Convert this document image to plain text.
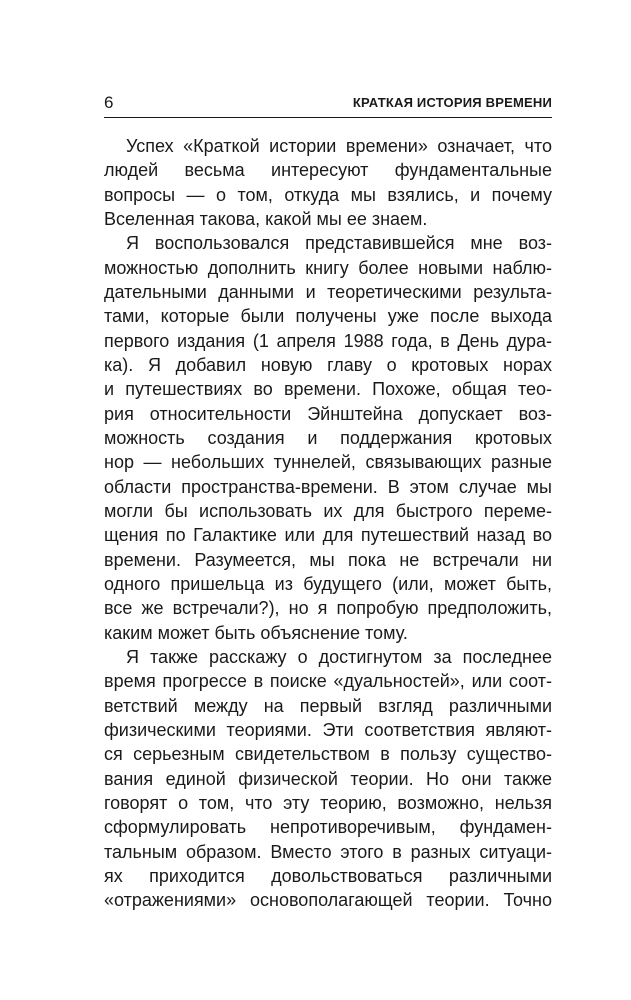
6	КРАТКАЯ ИСТОРИЯ ВРЕМЕНИ
Успех «Краткой истории времени» означает, что
людей весьма интересуют фундаментальные
вопросы — о том, откуда мы взялись, и почему
Вселенная такова, какой мы ее знаем.
Я воспользовался представившейся мне воз-
можностью дополнить книгу более новыми наблю-
дательными данными и теоретическими результа-
тами, которые были получены уже после выхода
первого издания (1 апреля 1988 года, в День дура-
ка). Я добавил новую главу о кротовых норах
и путешествиях во времени. Похоже, общая тео-
рия относительности Эйнштейна допускает воз-
можность создания и поддержания кротовых
нор — небольших туннелей, связывающих разные
области пространства-времени. В этом случае мы
могли бы использовать их для быстрого переме-
щения по Галактике или для путешествий назад во
времени. Разумеется, мы пока не встречали ни
одного пришельца из будущего (или, может быть,
все же встречали?), но я попробую предположить,
каким может быть объяснение тому.
Я также расскажу о достигнутом за последнее
время прогрессе в поиске «дуальностей», или соот-
ветствий между на первый взгляд различными
физическими теориями. Эти соответствия являют-
ся серьезным свидетельством в пользу существо-
вания единой физической теории. Но они также
говорят о том, что эту теорию, возможно, нельзя
сформулировать непротиворечивым, фундамен-
тальным образом. Вместо этого в разных ситуаци-
ях приходится довольствоваться различными
«отражениями» основополагающей теории. Точно
